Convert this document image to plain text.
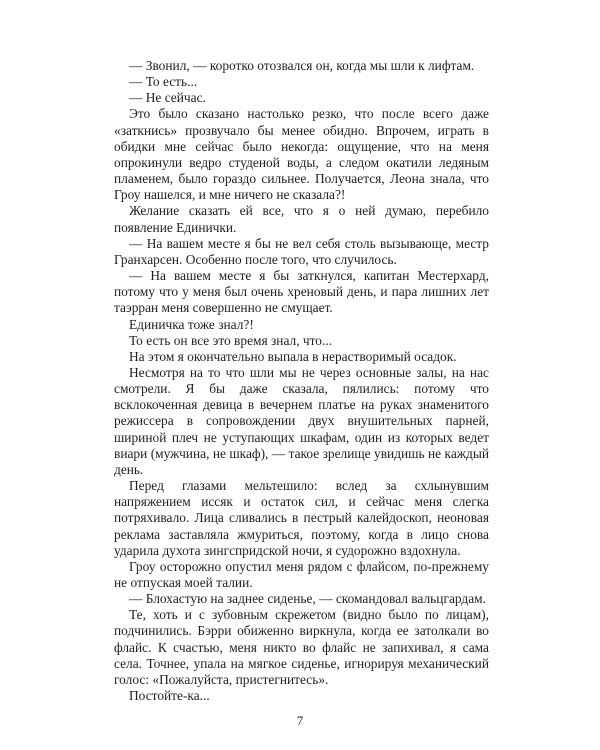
— Звонил, — коротко отозвался он, когда мы шли к лифтам.

— То есть...

— Не сейчас.

Это было сказано настолько резко, что после всего даже «заткнись» прозвучало бы менее обидно. Впрочем, играть в обидки мне сейчас было некогда: ощущение, что на меня опрокинули ведро студеной воды, а следом окатили ледяным пламенем, было гораздо сильнее. Получается, Леона знала, что Гроу нашелся, и мне ничего не сказала?!

Желание сказать ей все, что я о ней думаю, перебило появление Единички.

— На вашем месте я бы не вел себя столь вызывающе, местр Гранхарсен. Особенно после того, что случилось.

— На вашем месте я бы заткнулся, капитан Местерхард, потому что у меня был очень хреновый день, и пара лишних лет таэрран меня совершенно не смущает.

Единичка тоже знал?!

То есть он все это время знал, что...

На этом я окончательно выпала в нерастворимый осадок.

Несмотря на то что шли мы не через основные залы, на нас смотрели. Я бы даже сказала, пялились: потому что всклокоченная девица в вечернем платье на руках знаменитого режиссера в сопровождении двух внушительных парней, шириной плеч не уступающих шкафам, один из которых ведет виари (мужчина, не шкаф), — такое зрелище увидишь не каждый день.

Перед глазами мельтешило: вслед за схлынувшим напряжением иссяк и остаток сил, и сейчас меня слегка потряхивало. Лица сливались в пестрый калейдоскоп, неоновая реклама заставляла жмуриться, поэтому, когда в лицо снова ударила духота зингспридской ночи, я судорожно вздохнула.

Гроу осторожно опустил меня рядом с флайсом, по-прежнему не отпуская моей талии.

— Блохастую на заднее сиденье, — скомандовал вальцгардам.

Те, хоть и с зубовным скрежетом (видно было по лицам), подчинились. Бэрри обиженно виркнула, когда ее затолкали во флайс. К счастью, меня никто во флайс не запихивал, я сама села. Точнее, упала на мягкое сиденье, игнорируя механический голос: «Пожалуйста, пристегнитесь».

Постойте-ка...

7
